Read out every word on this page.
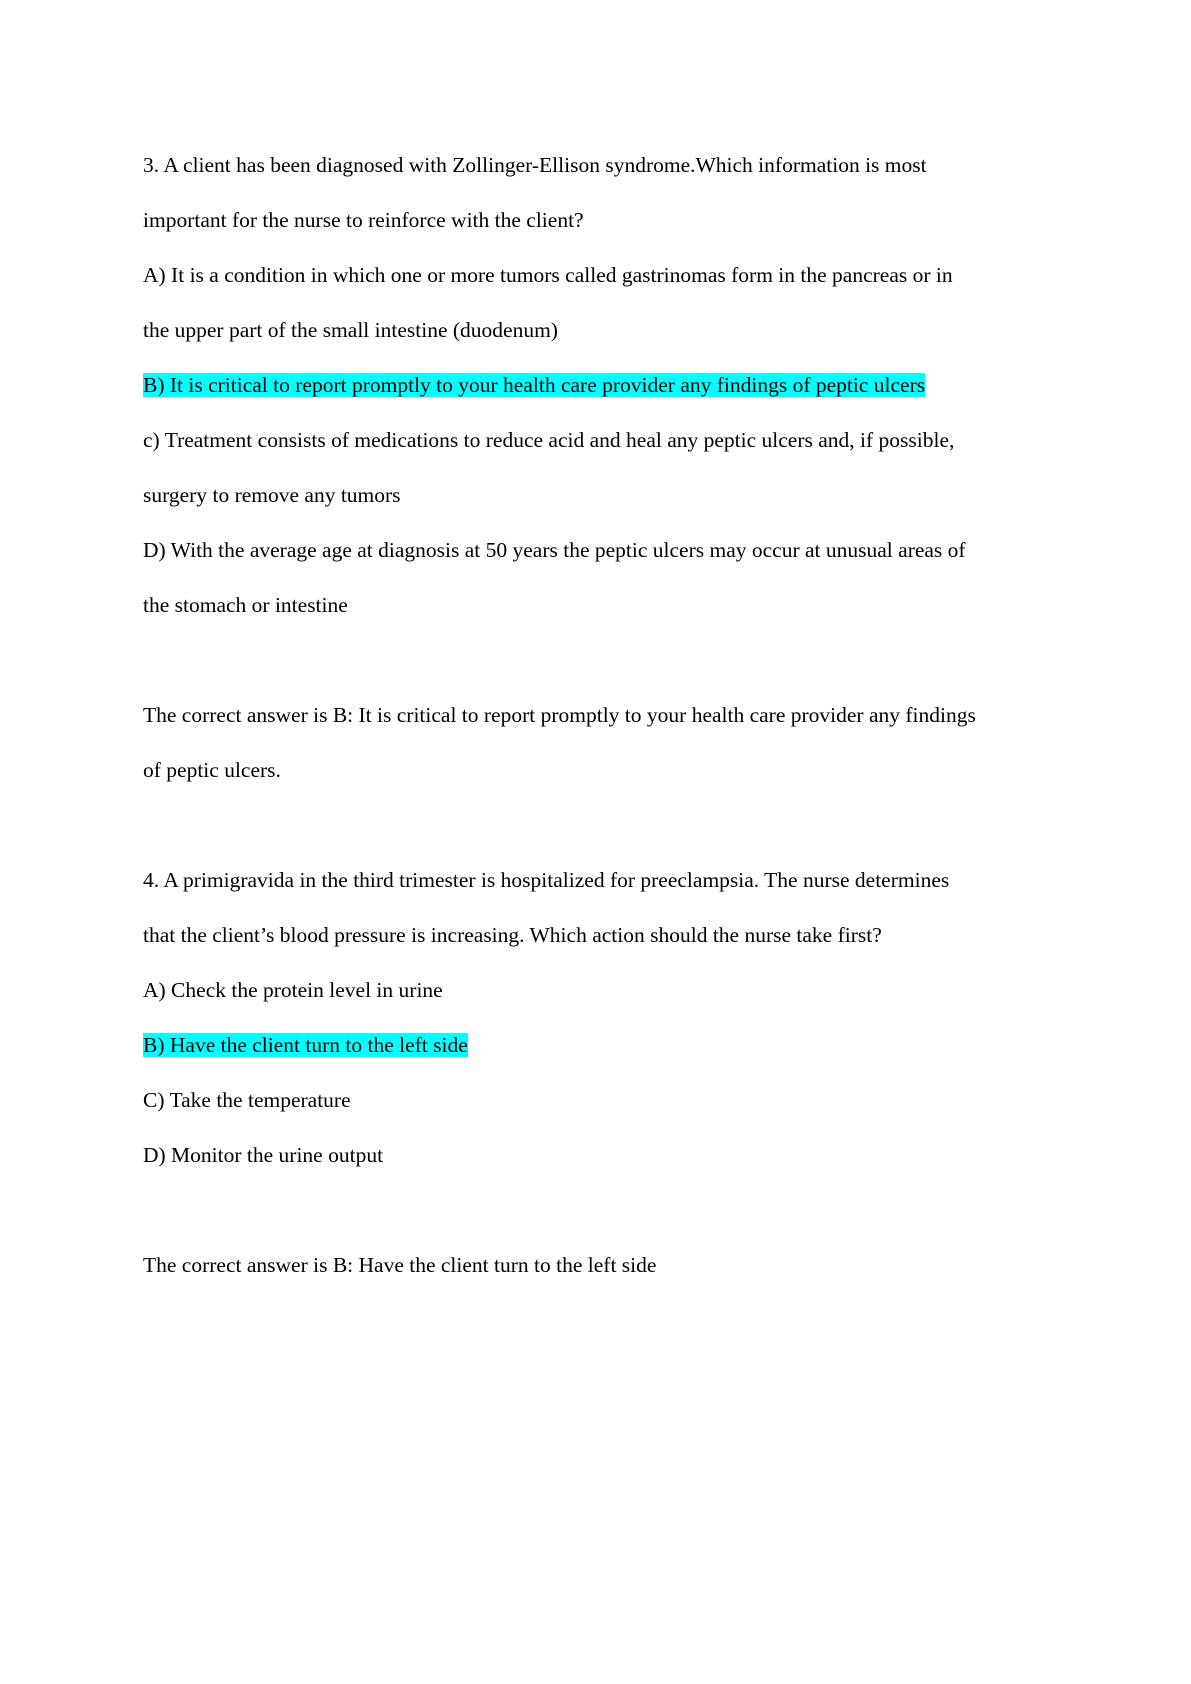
3. A client has been diagnosed with Zollinger-Ellison syndrome.Which information is most
important for the nurse to reinforce with the client?
A) It is a condition in which one or more tumors called gastrinomas form in the pancreas or in
the upper part of the small intestine (duodenum)
B) It is critical to report promptly to your health care provider any findings of peptic ulcers
c) Treatment consists of medications to reduce acid and heal any peptic ulcers and, if possible,
surgery to remove any tumors
D) With the average age at diagnosis at 50 years the peptic ulcers may occur at unusual areas of
the stomach or intestine
The correct answer is B: It is critical to report promptly to your health care provider any findings
of peptic ulcers.
4. A primigravida in the third trimester is hospitalized for preeclampsia. The nurse determines
that the client’s blood pressure is increasing. Which action should the nurse take first?
A) Check the protein level in urine
B) Have the client turn to the left side
C) Take the temperature
D) Monitor the urine output
The correct answer is B: Have the client turn to the left side
